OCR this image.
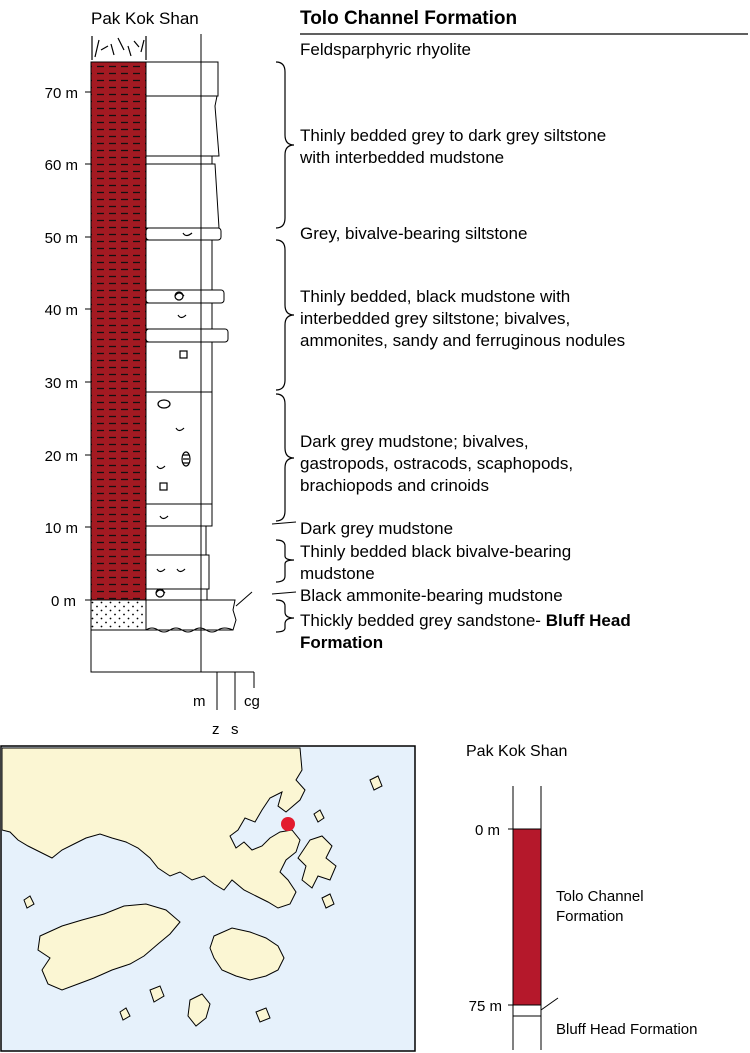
Pak Kok Shan
70 m
60 m
50 m
40 m
30 m
20 m
10 m
0 m
m
z s
cg
Tolo Channel Formation
Feldsparphyric rhyolite
Thinly bedded grey to dark grey siltstone with interbedded mudstone
Grey, bivalve-bearing siltstone
Thinly bedded, black mudstone with interbedded grey siltstone; bivalves, ammonites, sandy and ferruginous nodules
Dark grey mudstone; bivalves, gastropods, ostracods, scaphopods, brachiopods and crinoids
Dark grey mudstone
Thinly bedded black bivalve-bearing mudstone
Black ammonite-bearing mudstone
Thickly bedded grey sandstone- Bluff Head Formation
Pak Kok Shan
0 m
75 m
Tolo Channel Formation
Bluff Head Formation
